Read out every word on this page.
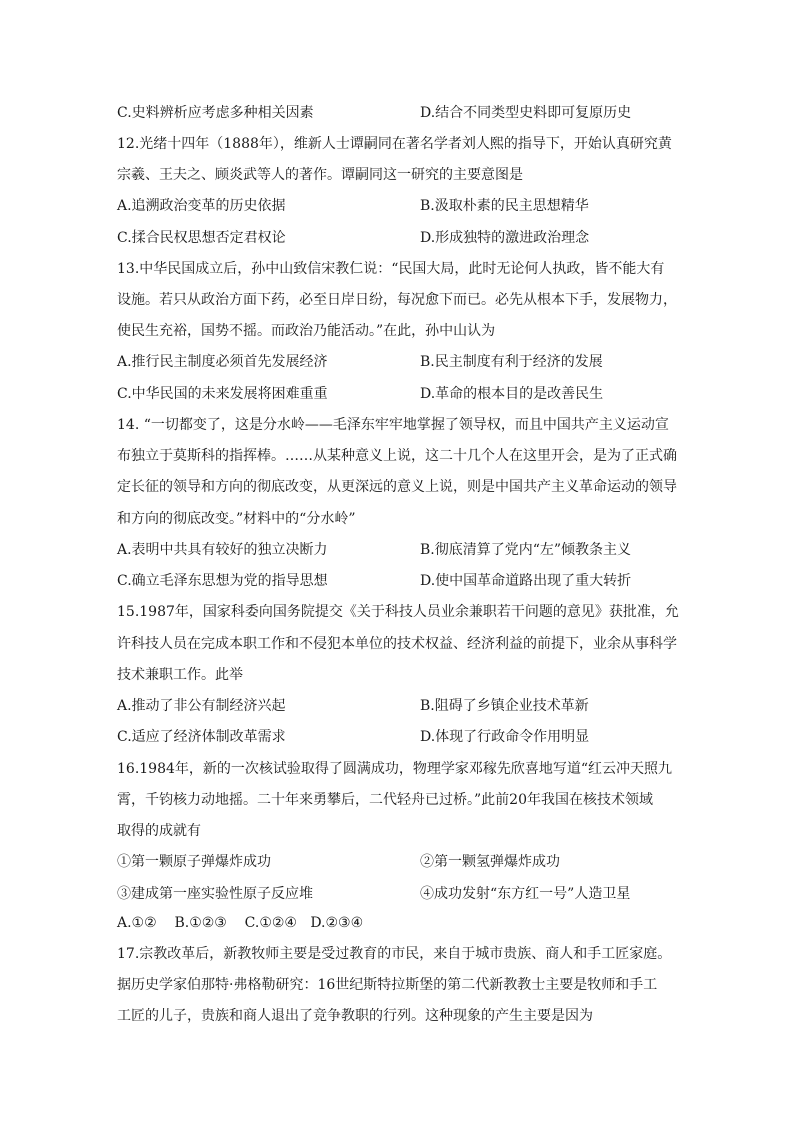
C.史料辨析应考虑多种相关因素	D.结合不同类型史料即可复原历史
12.光绪十四年（1888年），维新人士谭嗣同在著名学者刘人熙的指导下，开始认真研究黄
宗羲、王夫之、顾炎武等人的著作。谭嗣同这一研究的主要意图是
A.追溯政治变革的历史依据	B.汲取朴素的民主思想精华
C.揉合民权思想否定君权论	D.形成独特的激进政治理念
13.中华民国成立后，孙中山致信宋教仁说：“民国大局，此时无论何人执政，皆不能大有
设施。若只从政治方面下药，必至日岸日纷，每况愈下而已。必先从根本下手，发展物力，
使民生充裕，国势不摇。而政治乃能活动。”在此，孙中山认为
A.推行民主制度必须首先发展经济	B.民主制度有利于经济的发展
C.中华民国的未来发展将困难重重	D.革命的根本目的是改善民生
14. “一切都变了，这是分水岭——毛泽东牢牢地掌握了领导权，而且中国共产主义运动宣
布独立于莫斯科的指挥棒。……从某种意义上说，这二十几个人在这里开会，是为了正式确
定长征的领导和方向的彻底改变，从更深远的意义上说，则是中国共产主义革命运动的领导
和方向的彻底改变。”材料中的“分水岭”
A.表明中共具有较好的独立决断力	B.彻底清算了党内“左”倾教条主义
C.确立毛泽东思想为党的指导思想	D.使中国革命道路出现了重大转折
15.1987年，国家科委向国务院提交《关于科技人员业余兼职若干问题的意见》获批准，允
许科技人员在完成本职工作和不侵犯本单位的技术权益、经济利益的前提下，业余从事科学
技术兼职工作。此举
A.推动了非公有制经济兴起	B.阻碍了乡镇企业技术革新
C.适应了经济体制改革需求	D.体现了行政命令作用明显
16.1984年，新的一次核试验取得了圆满成功，物理学家邓稼先欣喜地写道“红云冲天照九
霄，千钧核力动地摇。二十年来勇攀后，二代轻舟已过桥。”此前20年我国在核技术领域
取得的成就有
①第一颗原子弹爆炸成功	②第一颗氢弹爆炸成功
③建成第一座实验性原子反应堆	④成功发射“东方红一号”人造卫星
A.①②    B.①②③    C.①②④   D.②③④
17.宗教改革后，新教牧师主要是受过教育的市民，来自于城市贵族、商人和手工匠家庭。
据历史学家伯那特·弗格勒研究：16世纪斯特拉斯堡的第二代新教教士主要是牧师和手工
工匠的儿子，贵族和商人退出了竞争教职的行列。这种现象的产生主要是因为
